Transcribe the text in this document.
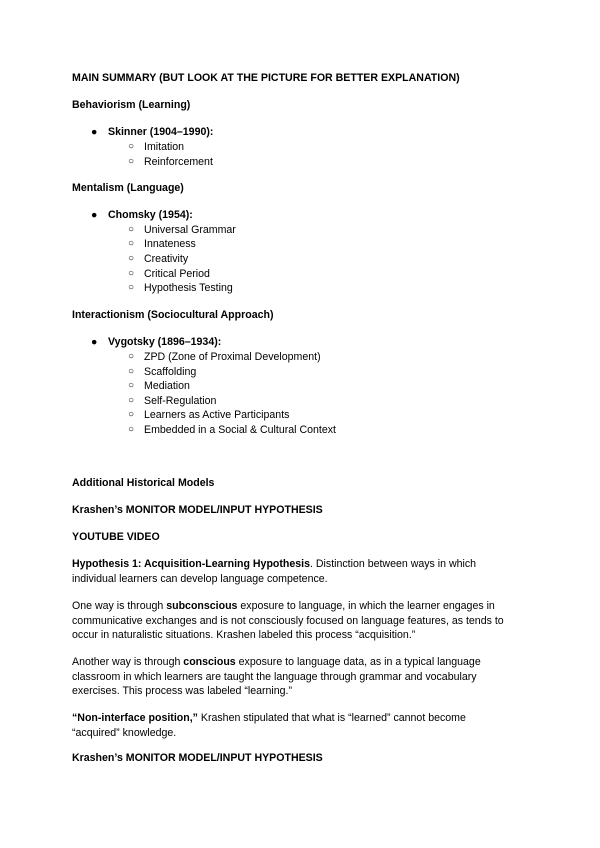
MAIN SUMMARY (BUT LOOK AT THE PICTURE FOR BETTER EXPLANATION)
Behaviorism (Learning)
● Skinner (1904–1990):
○ Imitation
○ Reinforcement
Mentalism (Language)
● Chomsky (1954):
○ Universal Grammar
○ Innateness
○ Creativity
○ Critical Period
○ Hypothesis Testing
Interactionism (Sociocultural Approach)
● Vygotsky (1896–1934):
○ ZPD (Zone of Proximal Development)
○ Scaffolding
○ Mediation
○ Self-Regulation
○ Learners as Active Participants
○ Embedded in a Social & Cultural Context
Additional Historical Models
Krashen’s MONITOR MODEL/INPUT HYPOTHESIS
YOUTUBE VIDEO
Hypothesis 1: Acquisition-Learning Hypothesis. Distinction between ways in which
individual learners can develop language competence.
One way is through subconscious exposure to language, in which the learner engages in
communicative exchanges and is not consciously focused on language features, as tends to
occur in naturalistic situations. Krashen labeled this process “acquisition.”
Another way is through conscious exposure to language data, as in a typical language
classroom in which learners are taught the language through grammar and vocabulary
exercises. This process was labeled “learning.”
“Non-interface position,” Krashen stipulated that what is “learned” cannot become
“acquired” knowledge.
Krashen’s MONITOR MODEL/INPUT HYPOTHESIS
